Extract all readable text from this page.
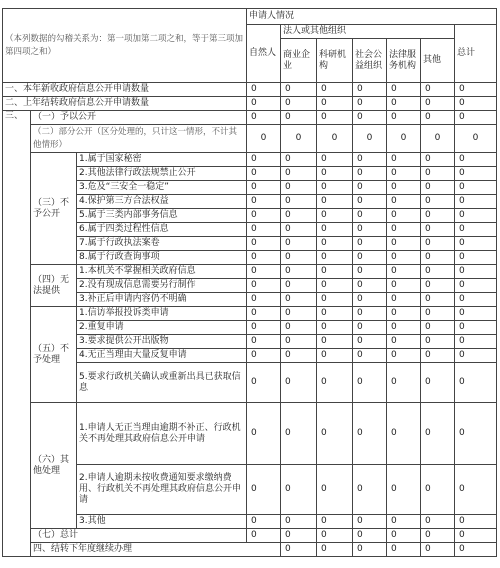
（本列数据的勾稽关系为：第一项加第二项之和，等于第三项加第四项之和）			申请人情况							
			自然人	法人或其他组织					总计	
				商业企业	科研机构	社会公益组织	法律服务机构	其他		
一、本年新收政府信息公开申请数量			0	0	0	0	0	0	0	
二、上年结转政府信息公开申请数量			0	0	0	0	0	0	0	
三、	（一）予以公开		0	0	0	0	0	0	0	
	（二）部分公开（区分处理的，只计这一情形，不计其他情形）		0	0	0	0	0	0	0	
	（三）不予公开	1.属于国家秘密	0	0	0	0	0	0	0	
		2.其他法律行政法规禁止公开	0	0	0	0	0	0	0	
		3.危及“三安全一稳定”	0	0	0	0	0	0	0	
		4.保护第三方合法权益	0	0	0	0	0	0	0	
		5.属于三类内部事务信息	0	0	0	0	0	0	0	
		6.属于四类过程性信息	0	0	0	0	0	0	0	
		7.属于行政执法案卷	0	0	0	0	0	0	0	
		8.属于行政查询事项	0	0	0	0	0	0	0	
	（四）无法提供	1.本机关不掌握相关政府信息	0	0	0	0	0	0	0	
		2.没有现成信息需要另行制作	0	0	0	0	0	0	0	
		3.补正后申请内容仍不明确	0	0	0	0	0	0	0	
	（五）不予处理	1.信访举报投诉类申请	0	0	0	0	0	0	0	
		2.重复申请	0	0	0	0	0	0	0	
		3.要求提供公开出版物	0	0	0	0	0	0	0	
		4.无正当理由大量反复申请	0	0	0	0	0	0	0	
		5.要求行政机关确认或重新出具已获取信息	0	0	0	0	0	0	0	
	（六）其他处理	1.申请人无正当理由逾期不补正、行政机关不再处理其政府信息公开申请	0	0	0	0	0	0	0	
		2.申请人逾期未按收费通知要求缴纳费用、行政机关不再处理其政府信息公开申请	0	0	0	0	0	0	0	
		3.其他	0	0	0	0	0	0	0	
	（七）总计		0	0	0	0	0	0	0	
	四、结转下年度继续办理			0	0	0	0	0	0	
